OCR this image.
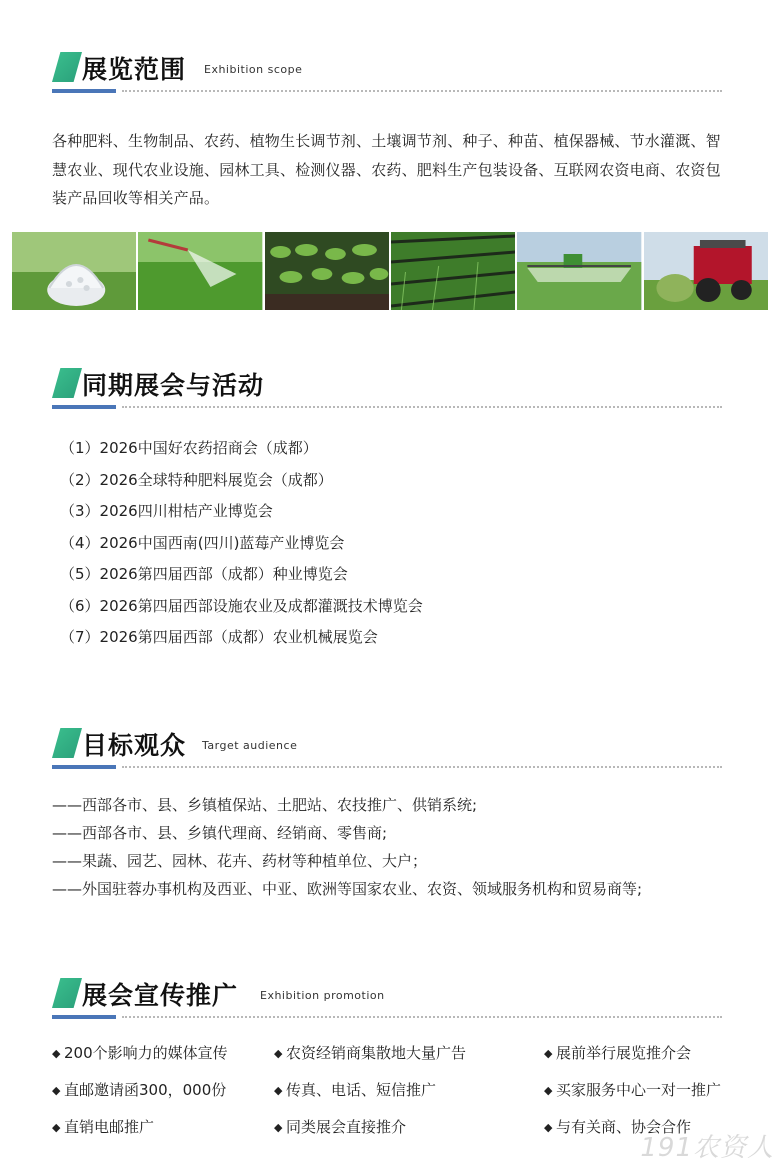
展览范围 Exhibition scope
各种肥料、生物制品、农药、植物生长调节剂、土壤调节剂、种子、种苗、植保器械、节水灌溉、智慧农业、现代农业设施、园林工具、检测仪器、农药、肥料生产包装设备、互联网农资电商、农资包装产品回收等相关产品。
同期展会与活动
（1）2026中国好农药招商会（成都）
（2）2026全球特种肥料展览会（成都）
（3）2026四川柑桔产业博览会
（4）2026中国西南(四川)蓝莓产业博览会
（5）2026第四届西部（成都）种业博览会
（6）2026第四届西部设施农业及成都灌溉技术博览会
（7）2026第四届西部（成都）农业机械展览会
目标观众 Target audience
——西部各市、县、乡镇植保站、土肥站、农技推广、供销系统;
——西部各市、县、乡镇代理商、经销商、零售商;
——果蔬、园艺、园林、花卉、药材等种植单位、大户；
——外国驻蓉办事机构及西亚、中亚、欧洲等国家农业、农资、领域服务机构和贸易商等;
展会宣传推广 Exhibition promotion
◆ 200个影响力的媒体宣传	◆ 农资经销商集散地大量广告	◆ 展前举行展览推介会
◆ 直邮邀请函300，000份	◆ 传真、电话、短信推广	◆ 买家服务中心一对一推广
◆ 直销电邮推广	◆ 同类展会直接推介	◆ 与有关商、协会合作
191农资人
